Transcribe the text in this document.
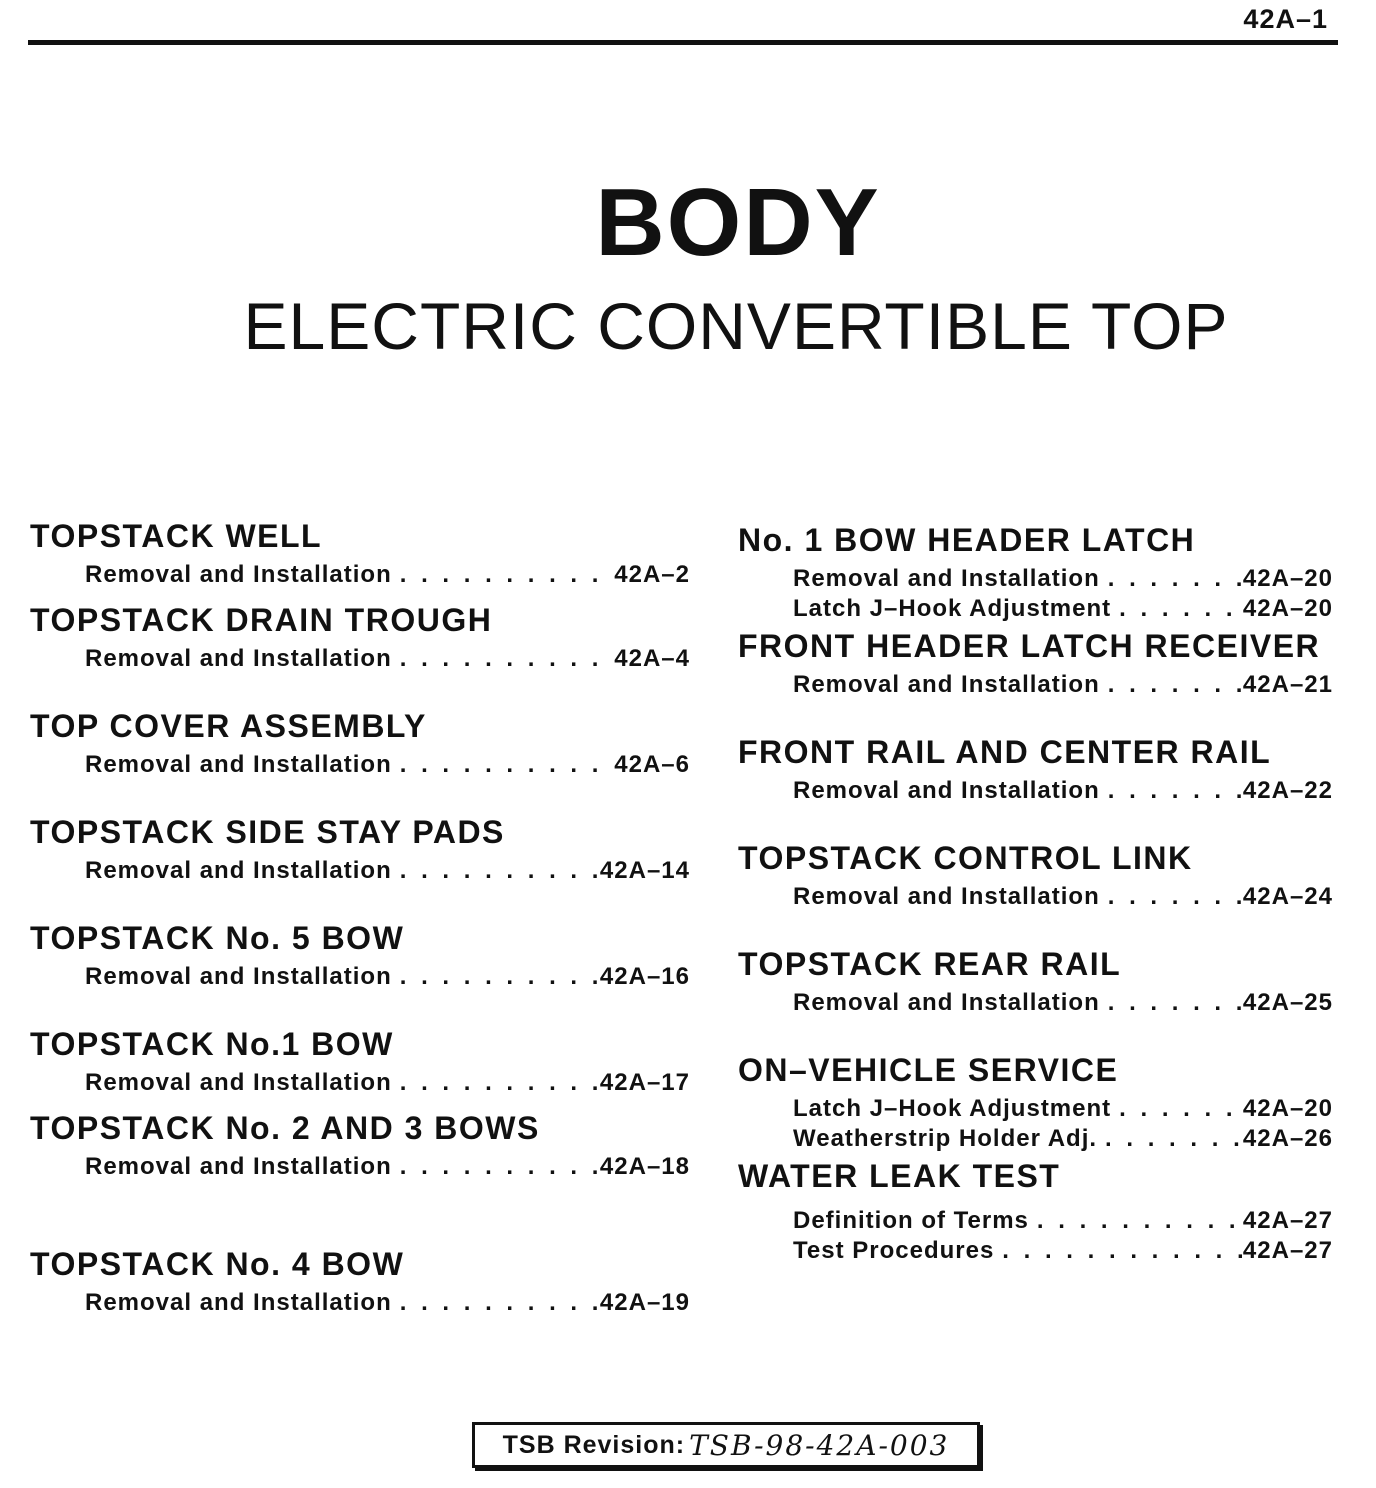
42A–1
BODY
ELECTRIC CONVERTIBLE TOP
TOPSTACK WELL
Removal and Installation . . .	42A–2
TOPSTACK DRAIN TROUGH
Removal and Installation . . .	42A–4
TOP COVER ASSEMBLY
Removal and Installation . . .	42A–6
TOPSTACK SIDE STAY PADS
Removal and Installation . . .	42A–14
TOPSTACK No. 5 BOW
Removal and Installation . . .	42A–16
TOPSTACK No.1 BOW
Removal and Installation . . .	42A–17
TOPSTACK No. 2 AND 3 BOWS
Removal and Installation . . .	42A–18
TOPSTACK No. 4 BOW
Removal and Installation . . .	42A–19
No. 1 BOW HEADER LATCH
Removal and Installation . . .	42A–20
Latch J–Hook Adjustment . . .	42A–20
FRONT HEADER LATCH RECEIVER
Removal and Installation . . .	42A–21
FRONT RAIL AND CENTER RAIL
Removal and Installation . . .	42A–22
TOPSTACK CONTROL LINK
Removal and Installation . . .	42A–24
TOPSTACK REAR RAIL
Removal and Installation . . .	42A–25
ON–VEHICLE SERVICE
Latch J–Hook Adjustment . . .	42A–20
Weatherstrip Holder Adj. . . .	42A–26
WATER LEAK TEST
Definition of Terms . . .	42A–27
Test Procedures . . .	42A–27
TSB Revision: TSB-98-42A-003
